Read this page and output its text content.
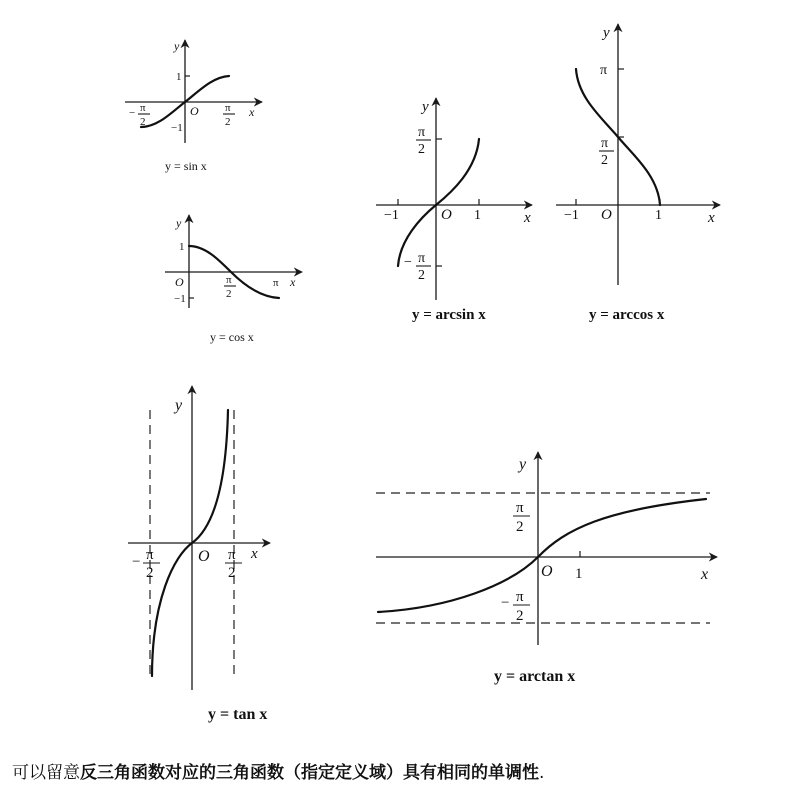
y
x
O
1
−1
− π
2
π
2
y = sin x
y
x
O
1
−1
π
2
π
y = cos x
y
x
O
−1	1
π
2
− π
2
y = arcsin x
y
x
O
−1	1
π
π
2
y = arccos x
y
x
O
− π
2
π
2
y = tan x
y
x
O 1
π
2
− π
2
y = arctan x
可以留意反三角函数对应的三角函数（指定定义域）具有相同的单调性.
